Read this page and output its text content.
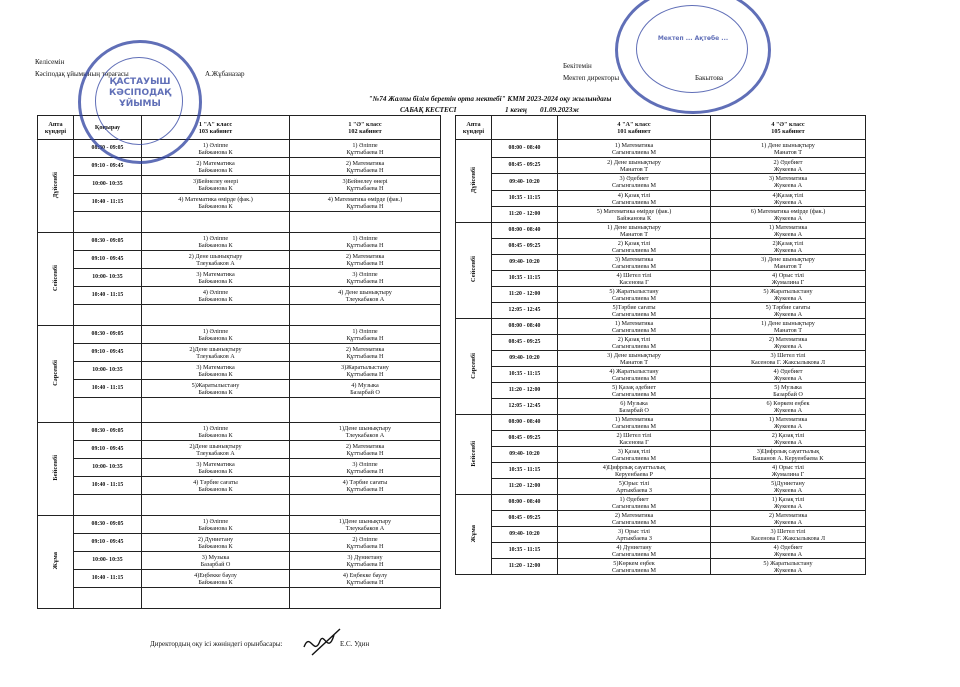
Келісемін
Кәсіподақ ұйымының төрағасы	А.Жұбаназар
Бекітемін
Мектеп директоры	Бакытова
"№74 Жалпы білім беретін орта мектебі" КММ 2023-2024 оқу жылындағы
САБАҚ КЕСТЕСІ	1 кезең 01.09.2023ж
Апта күндері	Қоңырау	1 "А" класс
103 кабинет	1 "Ә" класс
102 кабинет

Дүйсенбі	08:30 - 09:05	1) Әліппе
Байжанова К	1) Әліппе
Құттыбаева Н

	09:10 - 09:45	2) Математика
Байжанова К	2) Математика
Құттыбаева Н

	10:00- 10:35	3)Бейнелеу өнері
Байжанова К	3)Бейнелеу өнері
Құттыбаева Н

	10:40 - 11:15	4) Математика өмірде (фак.)
Байжанова К	4) Математика өмірде (фак.)
Құттыбаева Н

Сейсенбі	08:30 - 09:05	1) Әліппе
Байжанова К	1) Әліппе
Құттыбаева Н

	09:10 - 09:45	2) Дене шынықтыру
Тлеукабаков А	2) Математика
Құттыбаева Н

	10:00- 10:35	3) Математика
Байжанова К	3) Әліппе
Құттыбаева Н

	10:40 - 11:15	4) Әліппе
Байжанова К	4) Дене шынықтыру
Тлеукабаков А

Сәрсенбі	08:30 - 09:05	1) Әліппе
Байжанова К	1) Әліппе
Құттыбаева Н

	09:10 - 09:45	2)Дене шынықтыру
Тлеукабаков А	2) Математика
Құттыбаева Н

	10:00- 10:35	3) Математика
Байжанова К	3)Жаратылыстану
Құттыбаева Н

	10:40 - 11:15	5)Жаратылыстану
Байжанова К	4) Музыка
Базарбай О

Бейсенбі	08:30 - 09:05	1) Әліппе
Байжанова К	1)Дене шынықтыру
Тлеукабаков А

	09:10 - 09:45	2)Дене шынықтыру
Тлеукабаков А	2) Математика
Құттыбаева Н

	10:00- 10:35	3) Математика
Байжанова К	3) Әліппе
Құттыбаева Н

	10:40 - 11:15	4) Тәрбие сағаты
Байжанова К	4) Тәрбие сағаты
Құттыбаева Н

Жұма	08:30 - 09:05	1) Әліппе
Байжанова К	1)Дене шынықтыру
Тлеукабаков А

	09:10 - 09:45	2) Дүниетану
Байжанова К	2) Әліппе
Құттыбаева Н

	10:00- 10:35	3) Музыка
Базарбай О	3) Дүниетану
Құттыбаева Н

	10:40 - 11:15	4)Еңбекке баулу
Байжанова К	4) Еңбекке баулу
Құттыбаева Н

Апта күндері		4 "А" класс
101 кабинет	4 "Ә" класс
105 кабинет

Дүйсенбі	08:00 - 08:40	1) Математика
Сагынгалиева М	1) Дене шынықтыру
Манатов Т

	08:45 - 09:25	2) Дене шынықтыру
Манатов Т	2) Әдебиет
Жукеева А

	09:40- 10:20	3) Әдебиет
Сагынгалиева М	3) Математика
Жукеева А

	10:35 - 11:15	4) Қазақ тілі
Сагынгалиева М	4)Қазақ тілі
Жукеева А

	11:20 - 12:00	5) Математика өмірде (фак.)
Байжанова К	6) Математика өмірде (фак.)
Жукеева А

Сейсенбі	08:00 - 08:40	1) Дене шынықтыру
Манатов Т	1) Математика
Жукеева А

	08:45 - 09:25	2) Қазақ тілі
Сагынгалиева М	2)Қазақ тілі
Жукеева А

	09:40- 10:20	3) Математика
Сагынгалиева М	3) Дене шынықтыру
Манатов Т

	10:35 - 11:15	4) Шетел тілі
Касенова Г	4) Орыс тілі
Жумалина Г

	11:20 - 12:00	5) Жаратылыстану
Сагынгалиева М	5) Жаратылыстану
Жукеева А

	12:05 - 12:45	5)Тәрбие сағаты
Сагынгалиева М	5) Тәрбие сағаты
Жукеева А

Сәрсенбі	08:00 - 08:40	1) Математика
Сагынгалиева М	1) Дене шынықтыру
Манатов Т

	08:45 - 09:25	2) Қазақ тілі
Сагынгалиева М	2) Математика
Жукеева А

	09:40- 10:20	3) Дене шынықтыру
Манатов Т	3) Шетел тілі
Касенова Г. Жаксылыкова Л

	10:35 - 11:15	4) Жаратылыстану
Сагынгалиева М	4) Әдебиет
Жукеева А

	11:20 - 12:00	5) Қазақ әдебиет
Сагынгалиева М	5) Музыка
Базарбай О

	12:05 - 12:45	6) Музыка
Базарбай О	6) Көркем еңбек
Жукеева А

Бейсенбі	08:00 - 08:40	1) Математика
Сагынгалиева М	1) Математика
Жукеева А

	08:45 - 09:25	2) Шетел тілі
Касенова Г	2) Қазақ тілі
Жукеева А

	09:40- 10:20	3) Қазақ тілі
Сагынгалиева М	3)Цифрлық сауаттылық
Башанов А. Керуенбаева К

	10:35 - 11:15	4)Цифрлық сауаттылық
Керуенбаева Р	4) Орыс тілі
Жумалина Г

	11:20 - 12:00	5)Орыс тілі
Артыкбаева З	5)Дүниетану
Жукеева А

Жұма	08:00 - 08:40	1) Әдебиет
Сагынгалиева М	1) Қазақ тілі
Жукеева А

	08:45 - 09:25	2) Математика
Сагынгалиева М	2) Математика
Жукеева А

	09:40- 10:20	3) Орыс тілі
Артыкбаева З	3) Шетел тілі
Касенова Г. Жаксылыкова Л

	10:35 - 11:15	4) Дүниетану
Сагынгалиева М	4) Әдебиет
Жукеева А

	11:20 - 12:00	5)Көркем еңбек
Сагынгалиева М	5) Жаратылыстану
Жукеева А
ҚАСТАУЫШ КӘСІПОДАҚ ҰЙЫМЫ
Мектеп ... Ақтөбе ...
Директордың оқу ісі жөніндегі орынбасары:	Е.С. Удин
